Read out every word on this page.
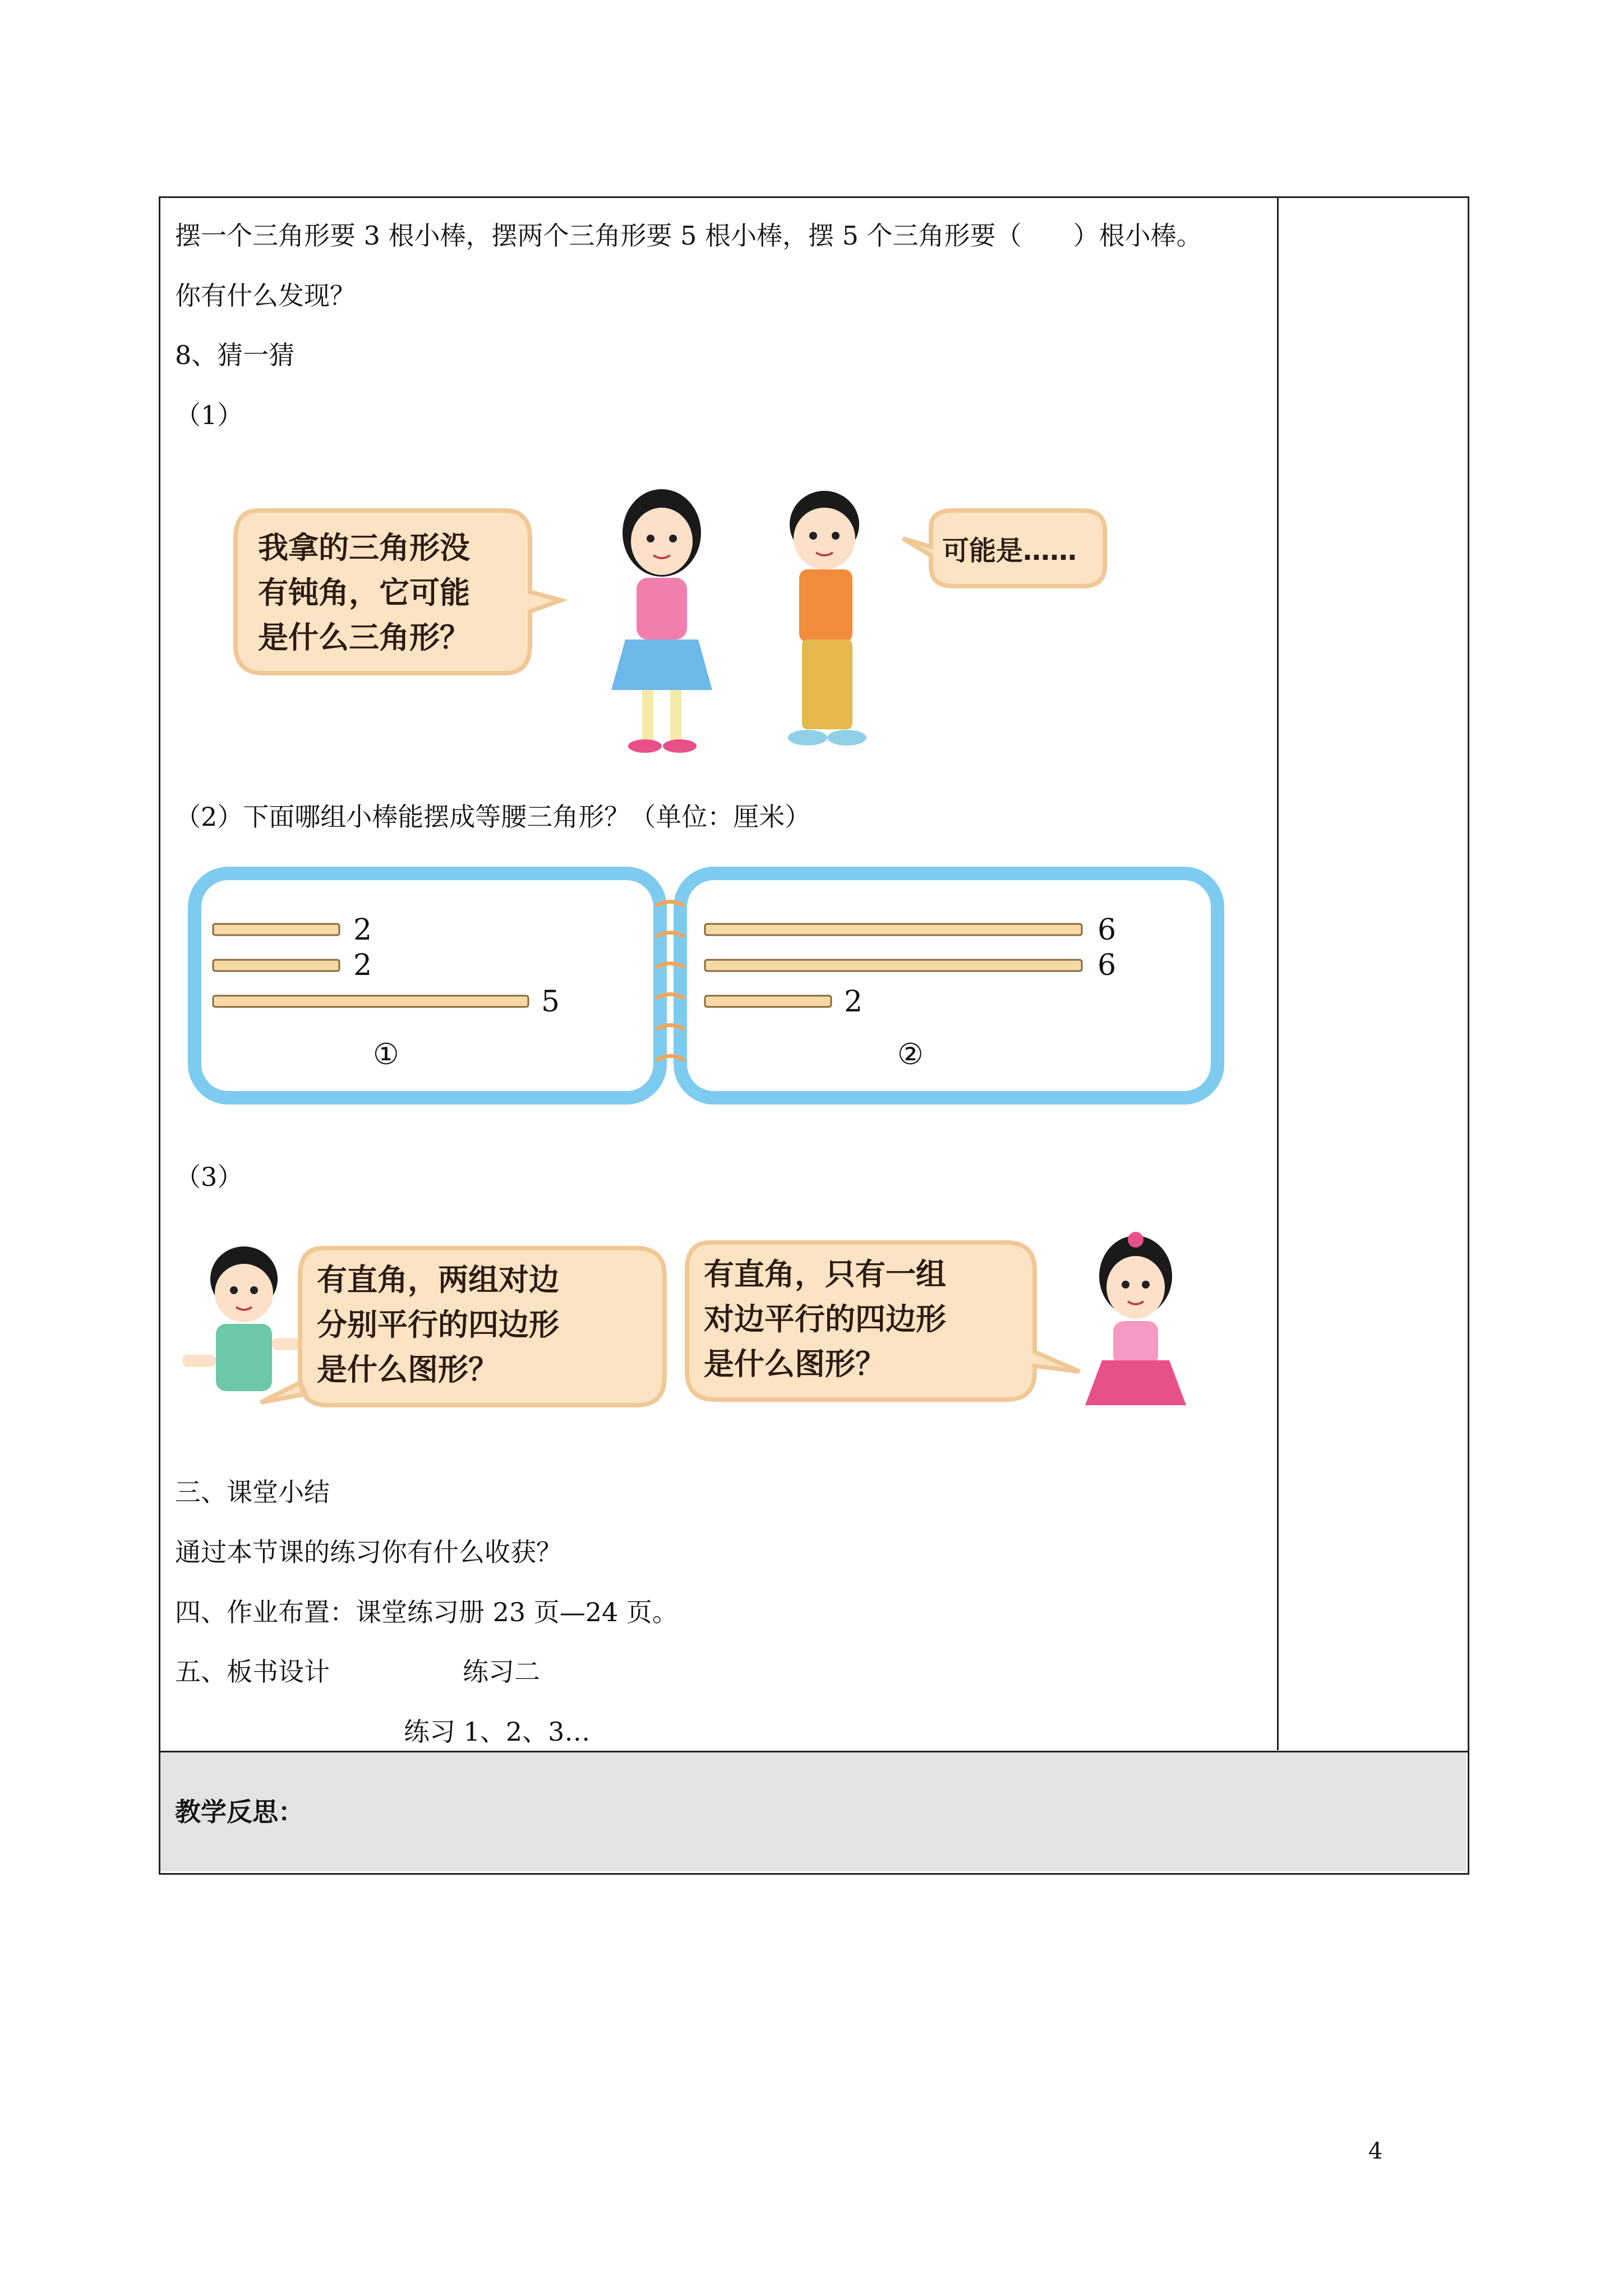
摆一个三角形要 3 根小棒，摆两个三角形要 5 根小棒，摆 5 个三角形要（　　）根小棒。
你有什么发现？
8、猜一猜
（1）
我拿的三角形没
有钝角，它可能
是什么三角形？
可能是……
（2）下面哪组小棒能摆成等腰三角形？（单位：厘米）
2
2
5
①
6
6
2
②
（3）
有直角，两组对边
分别平行的四边形
是什么图形？
有直角，只有一组
对边平行的四边形
是什么图形？
三、课堂小结
通过本节课的练习你有什么收获？
四、作业布置：课堂练习册 23 页—24 页。
五、板书设计	练习二
练习 1、2、3…
教学反思：
4
